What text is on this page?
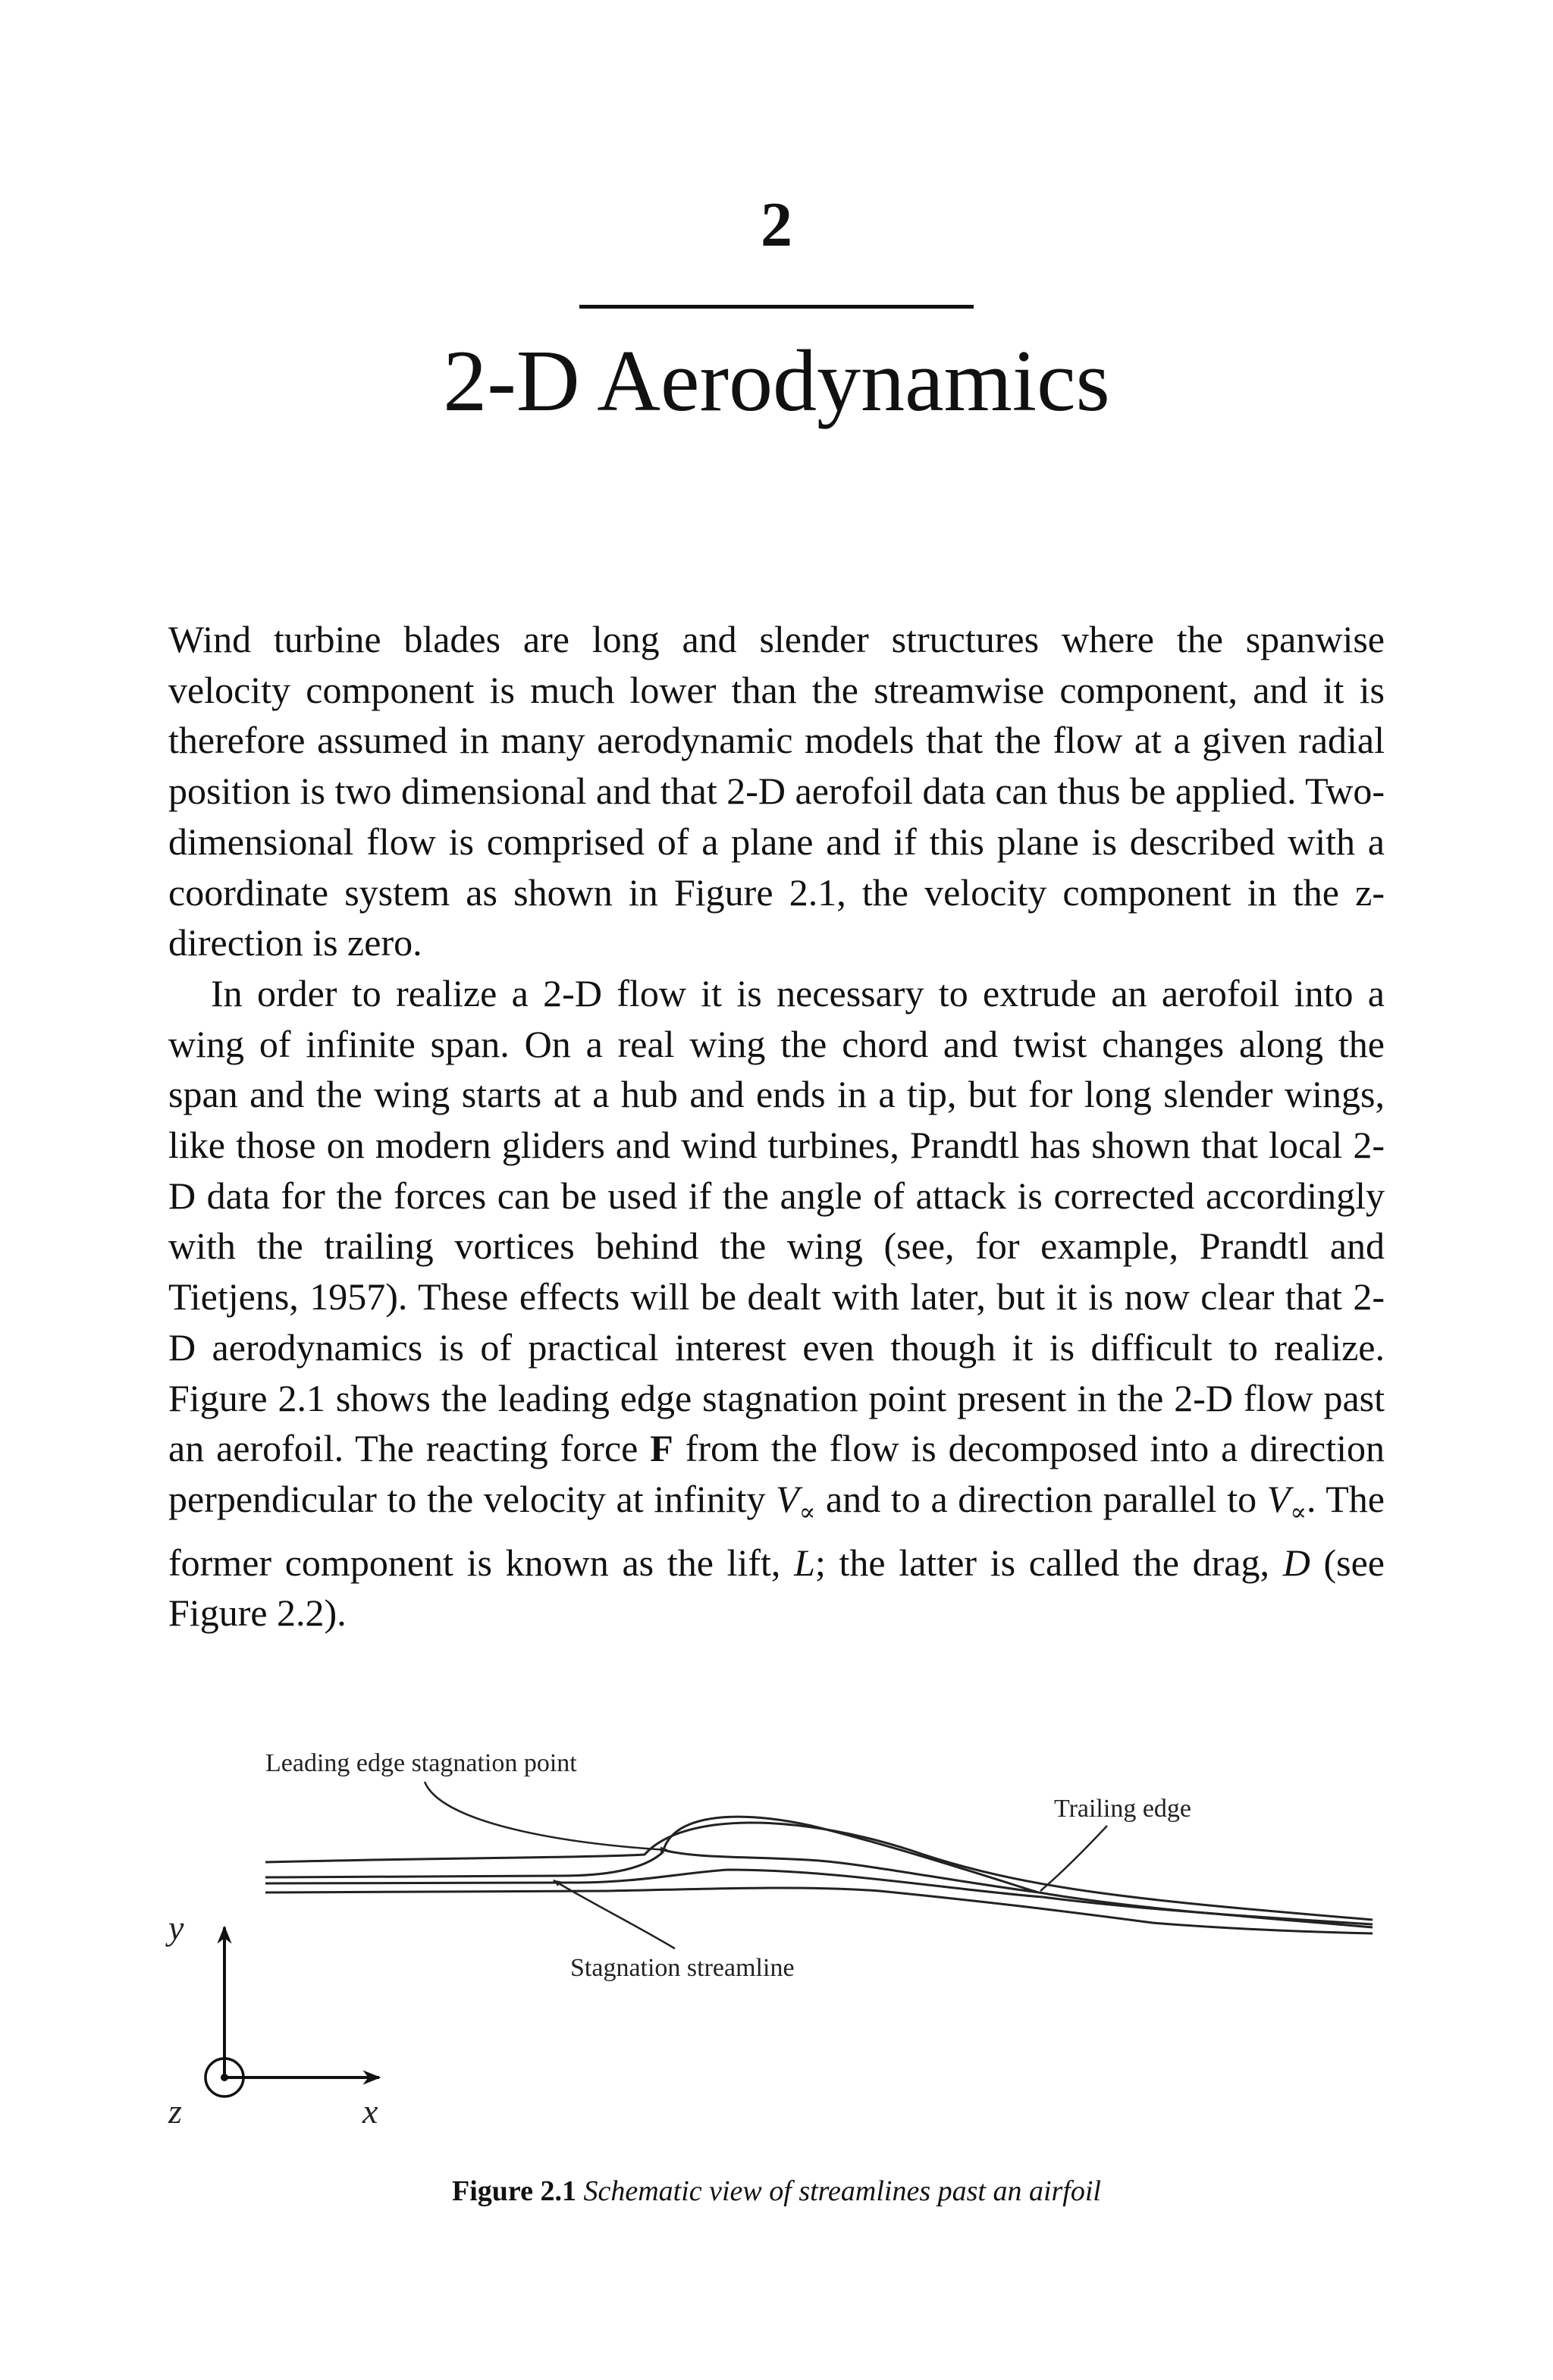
2
2-D Aerodynamics

Wind turbine blades are long and slender structures where the spanwise velocity component is much lower than the streamwise component, and it is therefore assumed in many aerodynamic models that the flow at a given radial position is two dimensional and that 2-D aerofoil data can thus be applied. Two-dimensional flow is comprised of a plane and if this plane is described with a coordinate system as shown in Figure 2.1, the velocity component in the z-direction is zero.

In order to realize a 2-D flow it is necessary to extrude an aerofoil into a wing of infinite span. On a real wing the chord and twist changes along the span and the wing starts at a hub and ends in a tip, but for long slender wings, like those on modern gliders and wind turbines, Prandtl has shown that local 2-D data for the forces can be used if the angle of attack is corrected accordingly with the trailing vortices behind the wing (see, for example, Prandtl and Tietjens, 1957). These effects will be dealt with later, but it is now clear that 2-D aerodynamics is of practical interest even though it is difficult to realize. Figure 2.1 shows the leading edge stagnation point present in the 2-D flow past an aerofoil. The reacting force F from the flow is decomposed into a direction perpendicular to the velocity at infinity $V_\propto$ and to a direction parallel to $V_\propto$. The former component is known as the lift, L; the latter is called the drag, D (see Figure 2.2).

Leading edge stagnation point
Trailing edge
Stagnation streamline
y
x
z
Figure 2.1 Schematic view of streamlines past an airfoil
